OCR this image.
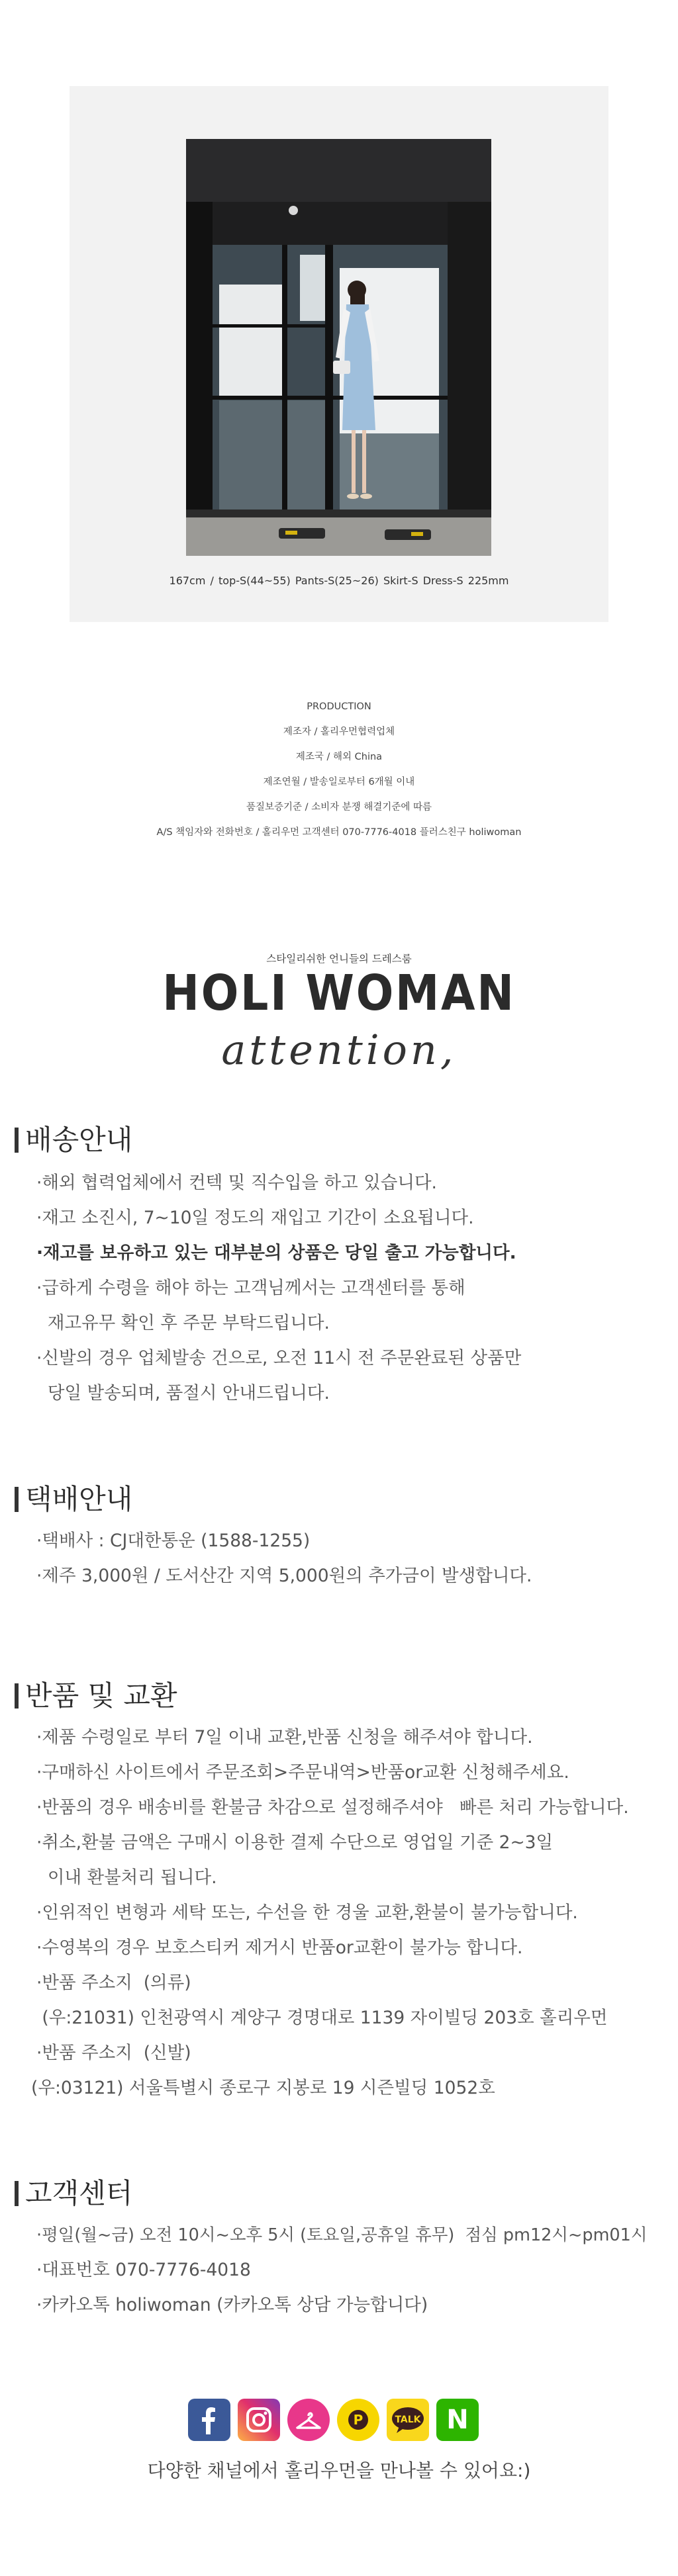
167cm / top-S(44~55) Pants-S(25~26) Skirt-S Dress-S 225mm
PRODUCTION
제조자 / 홀리우먼협력업체
제조국 / 해외 China
제조연월 / 발송일로부터 6개월 이내
품질보증기준 / 소비자 분쟁 해결기준에 따름
A/S 책임자와 전화번호 / 홀리우먼 고객센터 070-7776-4018 플러스친구 holiwoman
스타일리쉬한 언니들의 드레스룸
HOLI WOMAN
attention,
배송안내
·해외 협력업체에서 컨텍 및 직수입을 하고 있습니다.
·재고 소진시, 7~10일 정도의 재입고 기간이 소요됩니다.
·재고를 보유하고 있는 대부분의 상품은 당일 출고 가능합니다.
·급하게 수령을 해야 하는 고객님께서는 고객센터를 통해
재고유무 확인 후 주문 부탁드립니다.
·신발의 경우 업체발송 건으로, 오전 11시 전 주문완료된 상품만
당일 발송되며, 품절시 안내드립니다.
택배안내
·택배사 : CJ대한통운 (1588-1255)
·제주 3,000원 / 도서산간 지역 5,000원의 추가금이 발생합니다.
반품 및 교환
·제품 수령일로 부터 7일 이내 교환,반품 신청을 해주셔야 합니다.
·구매하신 사이트에서 주문조회>주문내역>반품or교환 신청해주세요.
·반품의 경우 배송비를 환불금 차감으로 설정해주셔야   빠른 처리 가능합니다.
·취소,환불 금액은 구매시 이용한 결제 수단으로 영업일 기준 2~3일
이내 환불처리 됩니다.
·인위적인 변형과 세탁 또는, 수선을 한 경울 교환,환불이 불가능합니다.
·수영복의 경우 보호스티커 제거시 반품or교환이 불가능 합니다.
·반품 주소지  (의류)
(우:21031) 인천광역시 계양구 경명대로 1139 자이빌딩 203호 홀리우먼
·반품 주소지  (신발)
(우:03121) 서울특별시 종로구 지봉로 19 시즌빌딩 1052호
고객센터
·평일(월~금) 오전 10시~오후 5시 (토요일,공휴일 휴무)  점심 pm12시~pm01시
·대표번호 070-7776-4018
·카카오톡 holiwoman (카카오톡 상담 가능합니다)
P	TALK N
다양한 채널에서 홀리우먼을 만나볼 수 있어요:)
